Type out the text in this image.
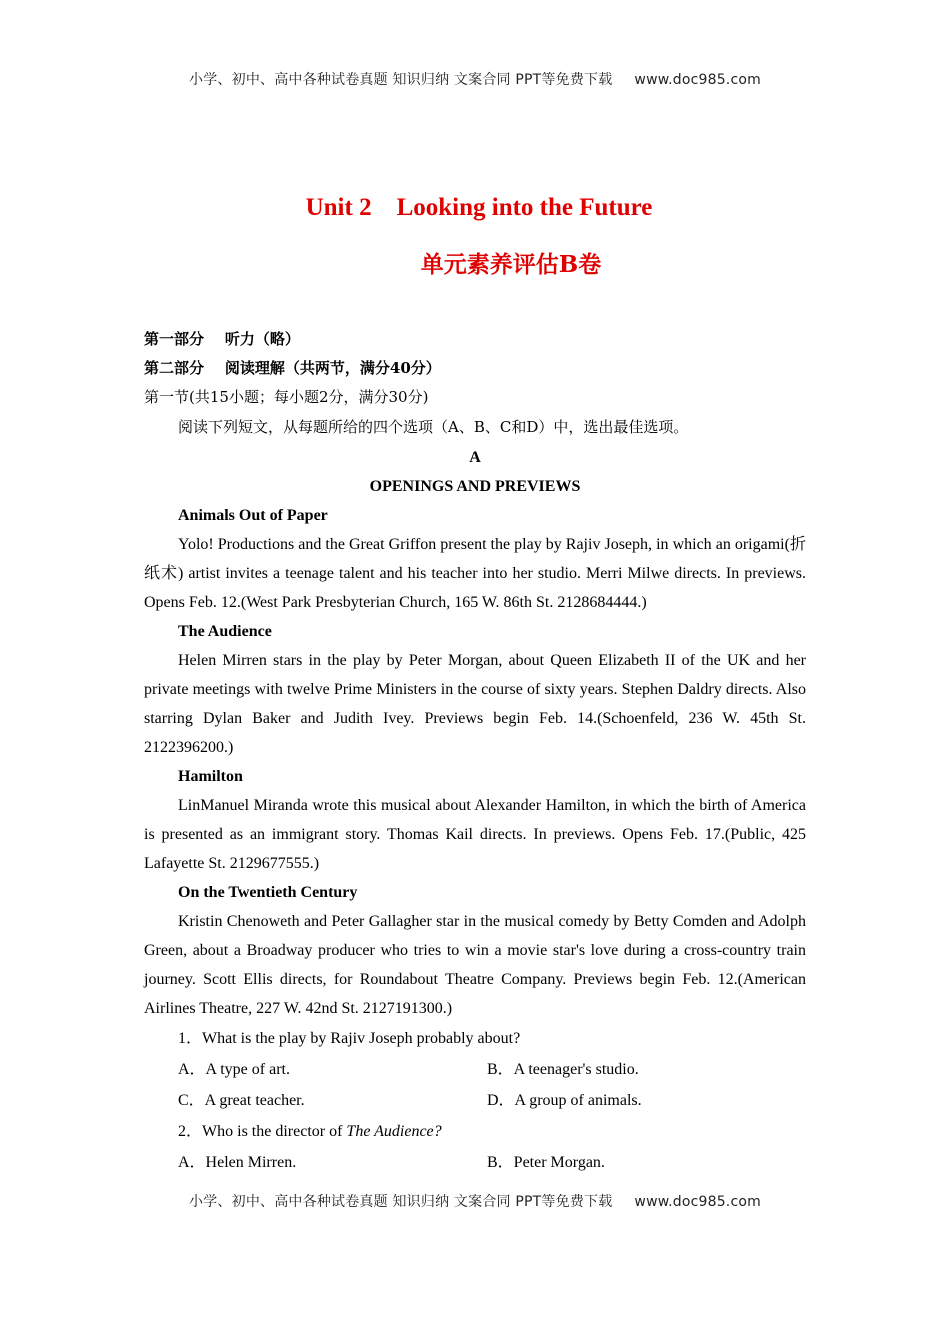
小学、初中、高中各种试卷真题 知识归纳 文案合同 PPT等免费下载 www.doc985.com
Unit 2    Looking into the Future
单元素养评估B卷
第一部分    听力（略）
第二部分    阅读理解（共两节，满分40分）
第一节(共15小题；每小题2分，满分30分)
阅读下列短文，从每题所给的四个选项（A、B、C和D）中，选出最佳选项。
A
OPENINGS AND PREVIEWS
Animals Out of Paper

Yolo! Productions and the Great Griffon present the play by Rajiv Joseph, in which an origami(折纸术) artist invites a teenage talent and his teacher into her studio. Merri Milwe directs. In previews. Opens Feb. 12.(West Park Presbyterian Church, 165 W. 86th St. 2128684444.)

The Audience

Helen Mirren stars in the play by Peter Morgan, about Queen Elizabeth II of the UK and her private meetings with twelve Prime Ministers in the course of sixty years. Stephen Daldry directs. Also starring Dylan Baker and Judith Ivey. Previews begin Feb. 14.(Schoenfeld, 236 W. 45th St. 2122396200.)

Hamilton

LinManuel Miranda wrote this musical about Alexander Hamilton, in which the birth of America is presented as an immigrant story. Thomas Kail directs. In previews. Opens Feb. 17.(Public, 425 Lafayette St. 2129677555.)

On the Twentieth Century

Kristin Chenoweth and Peter Gallagher star in the musical comedy by Betty Comden and Adolph Green, about a Broadway producer who tries to win a movie star's love during a cross-country train journey. Scott Ellis directs, for Roundabout Theatre Company. Previews begin Feb. 12.(American Airlines Theatre, 227 W. 42nd St. 2127191300.)

1．What is the play by Rajiv Joseph probably about?
A．A type of art.	B．A teenager's studio.
C．A great teacher.	D．A group of animals.
2．Who is the director of The Audience?
A．Helen Mirren.	B．Peter Morgan.
小学、初中、高中各种试卷真题 知识归纳 文案合同 PPT等免费下载 www.doc985.com
